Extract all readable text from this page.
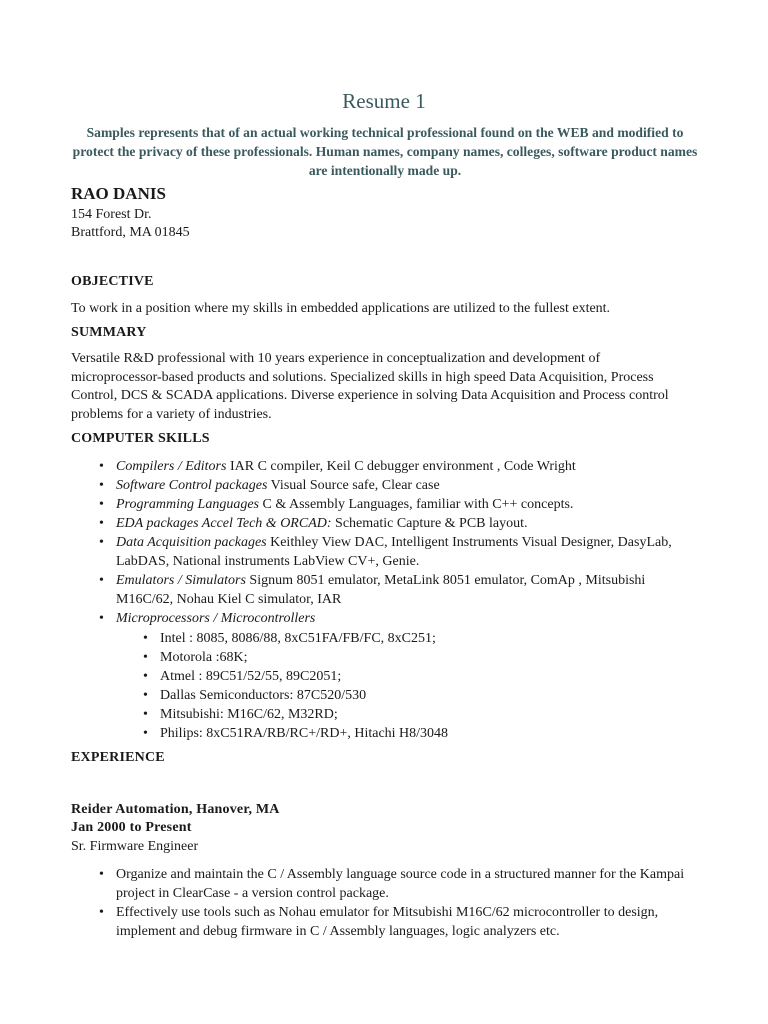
Resume 1
Samples represents that of an actual working technical professional found on the WEB and modified to protect the privacy of these professionals. Human names, company names, colleges, software product names are intentionally made up.
RAO DANIS
154 Forest Dr.
Brattford, MA 01845
OBJECTIVE
To work in a position where my skills in embedded applications are utilized to the fullest extent.
SUMMARY
Versatile R&D professional with 10 years experience in conceptualization and development of microprocessor-based products and solutions. Specialized skills in high speed Data Acquisition, Process Control, DCS & SCADA applications. Diverse experience in solving Data Acquisition and Process control problems for a variety of industries.
COMPUTER SKILLS
• Compilers / Editors IAR C compiler, Keil C debugger environment , Code Wright
• Software Control packages Visual Source safe, Clear case
• Programming Languages C & Assembly Languages, familiar with C++ concepts.
• EDA packages Accel Tech & ORCAD: Schematic Capture & PCB layout.
• Data Acquisition packages Keithley View DAC, Intelligent Instruments Visual Designer, DasyLab, LabDAS, National instruments LabView CV+, Genie.
• Emulators / Simulators Signum 8051 emulator, MetaLink 8051 emulator, ComAp , Mitsubishi M16C/62, Nohau Kiel C simulator, IAR
• Microprocessors / Microcontrollers
• Intel : 8085, 8086/88, 8xC51FA/FB/FC, 8xC251;
• Motorola :68K;
• Atmel : 89C51/52/55, 89C2051;
• Dallas Semiconductors: 87C520/530
• Mitsubishi: M16C/62, M32RD;
• Philips: 8xC51RA/RB/RC+/RD+, Hitachi H8/3048
EXPERIENCE
Reider Automation, Hanover, MA
Jan 2000 to Present
Sr. Firmware Engineer
• Organize and maintain the C / Assembly language source code in a structured manner for the Kampai project in ClearCase - a version control package.
• Effectively use tools such as Nohau emulator for Mitsubishi M16C/62 microcontroller to design, implement and debug firmware in C / Assembly languages, logic analyzers etc.
